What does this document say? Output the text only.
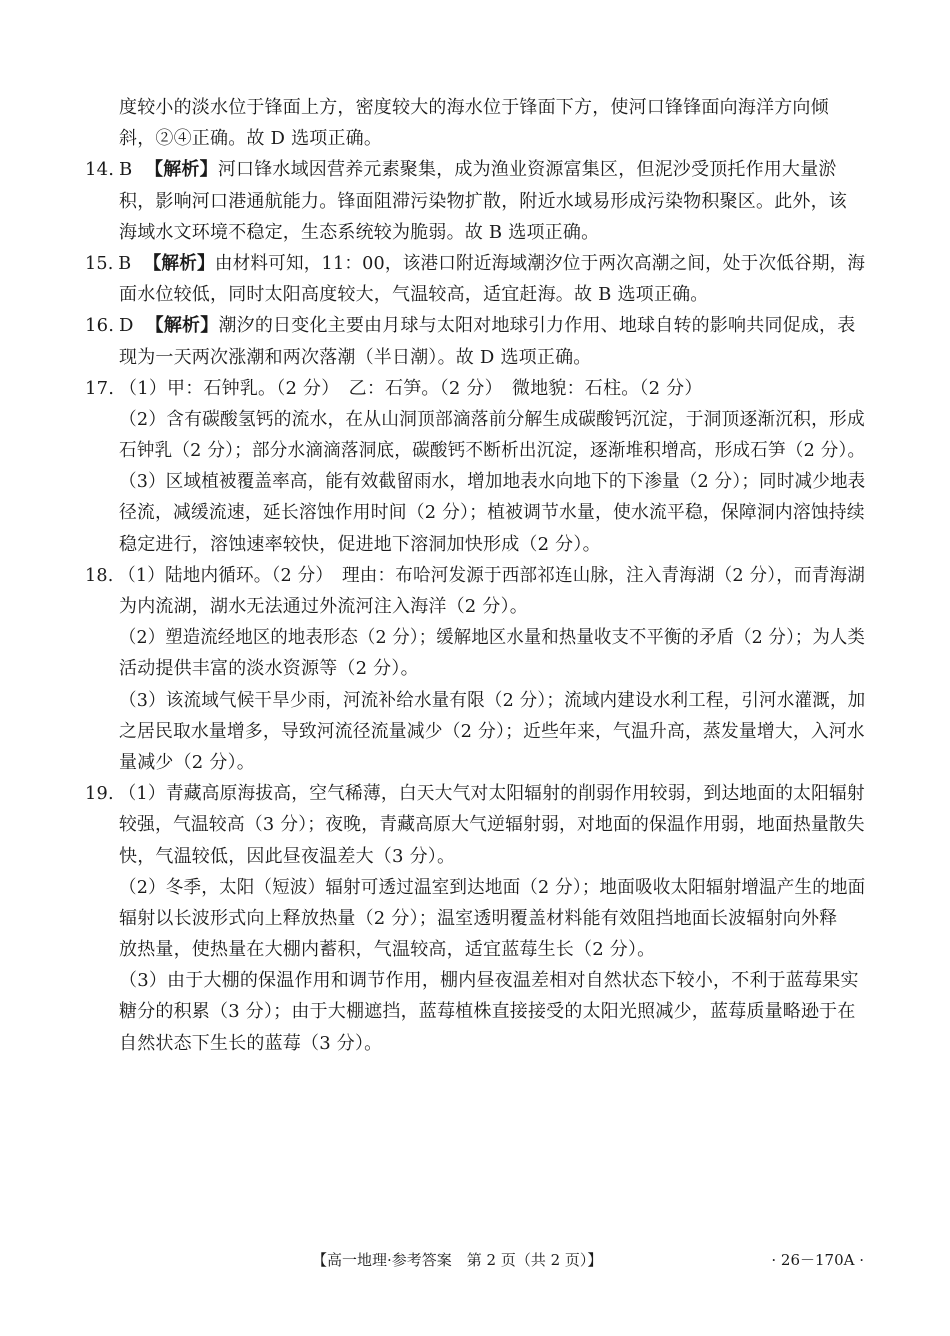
度较小的淡水位于锋面上方，密度较大的海水位于锋面下方，使河口锋锋面向海洋方向倾
斜，②④正确。故 D 选项正确。
14. B 【解析】河口锋水域因营养元素聚集，成为渔业资源富集区，但泥沙受顶托作用大量淤
积，影响河口港通航能力。锋面阻滞污染物扩散，附近水域易形成污染物积聚区。此外，该
海域水文环境不稳定，生态系统较为脆弱。故 B 选项正确。
15. B 【解析】由材料可知，11：00，该港口附近海域潮汐位于两次高潮之间，处于次低谷期，海
面水位较低，同时太阳高度较大，气温较高，适宜赶海。故 B 选项正确。
16. D 【解析】潮汐的日变化主要由月球与太阳对地球引力作用、地球自转的影响共同促成，表
现为一天两次涨潮和两次落潮（半日潮）。故 D 选项正确。
17. （1）甲：石钟乳。（2 分）　乙：石笋。（2 分）　微地貌：石柱。（2 分）
（2）含有碳酸氢钙的流水，在从山洞顶部滴落前分解生成碳酸钙沉淀，于洞顶逐渐沉积，形成
石钟乳（2 分）；部分水滴滴落洞底，碳酸钙不断析出沉淀，逐渐堆积增高，形成石笋（2 分）。
（3）区域植被覆盖率高，能有效截留雨水，增加地表水向地下的下渗量（2 分）；同时减少地表
径流，减缓流速，延长溶蚀作用时间（2 分）；植被调节水量，使水流平稳，保障洞内溶蚀持续
稳定进行，溶蚀速率较快，促进地下溶洞加快形成（2 分）。
18. （1）陆地内循环。（2 分）　理由：布哈河发源于西部祁连山脉，注入青海湖（2 分），而青海湖
为内流湖，湖水无法通过外流河注入海洋（2 分）。
（2）塑造流经地区的地表形态（2 分）；缓解地区水量和热量收支不平衡的矛盾（2 分）；为人类
活动提供丰富的淡水资源等（2 分）。
（3）该流域气候干旱少雨，河流补给水量有限（2 分）；流域内建设水利工程，引河水灌溉，加
之居民取水量增多，导致河流径流量减少（2 分）；近些年来，气温升高，蒸发量增大，入河水
量减少（2 分）。
19. （1）青藏高原海拔高，空气稀薄，白天大气对太阳辐射的削弱作用较弱，到达地面的太阳辐射
较强，气温较高（3 分）；夜晚，青藏高原大气逆辐射弱，对地面的保温作用弱，地面热量散失
快，气温较低，因此昼夜温差大（3 分）。
（2）冬季，太阳（短波）辐射可透过温室到达地面（2 分）；地面吸收太阳辐射增温产生的地面
辐射以长波形式向上释放热量（2 分）；温室透明覆盖材料能有效阻挡地面长波辐射向外释
放热量，使热量在大棚内蓄积，气温较高，适宜蓝莓生长（2 分）。
（3）由于大棚的保温作用和调节作用，棚内昼夜温差相对自然状态下较小，不利于蓝莓果实
糖分的积累（3 分）；由于大棚遮挡，蓝莓植株直接接受的太阳光照减少，蓝莓质量略逊于在
自然状态下生长的蓝莓（3 分）。
【高一地理·参考答案　第 2 页（共 2 页）】	· 26－170A ·
